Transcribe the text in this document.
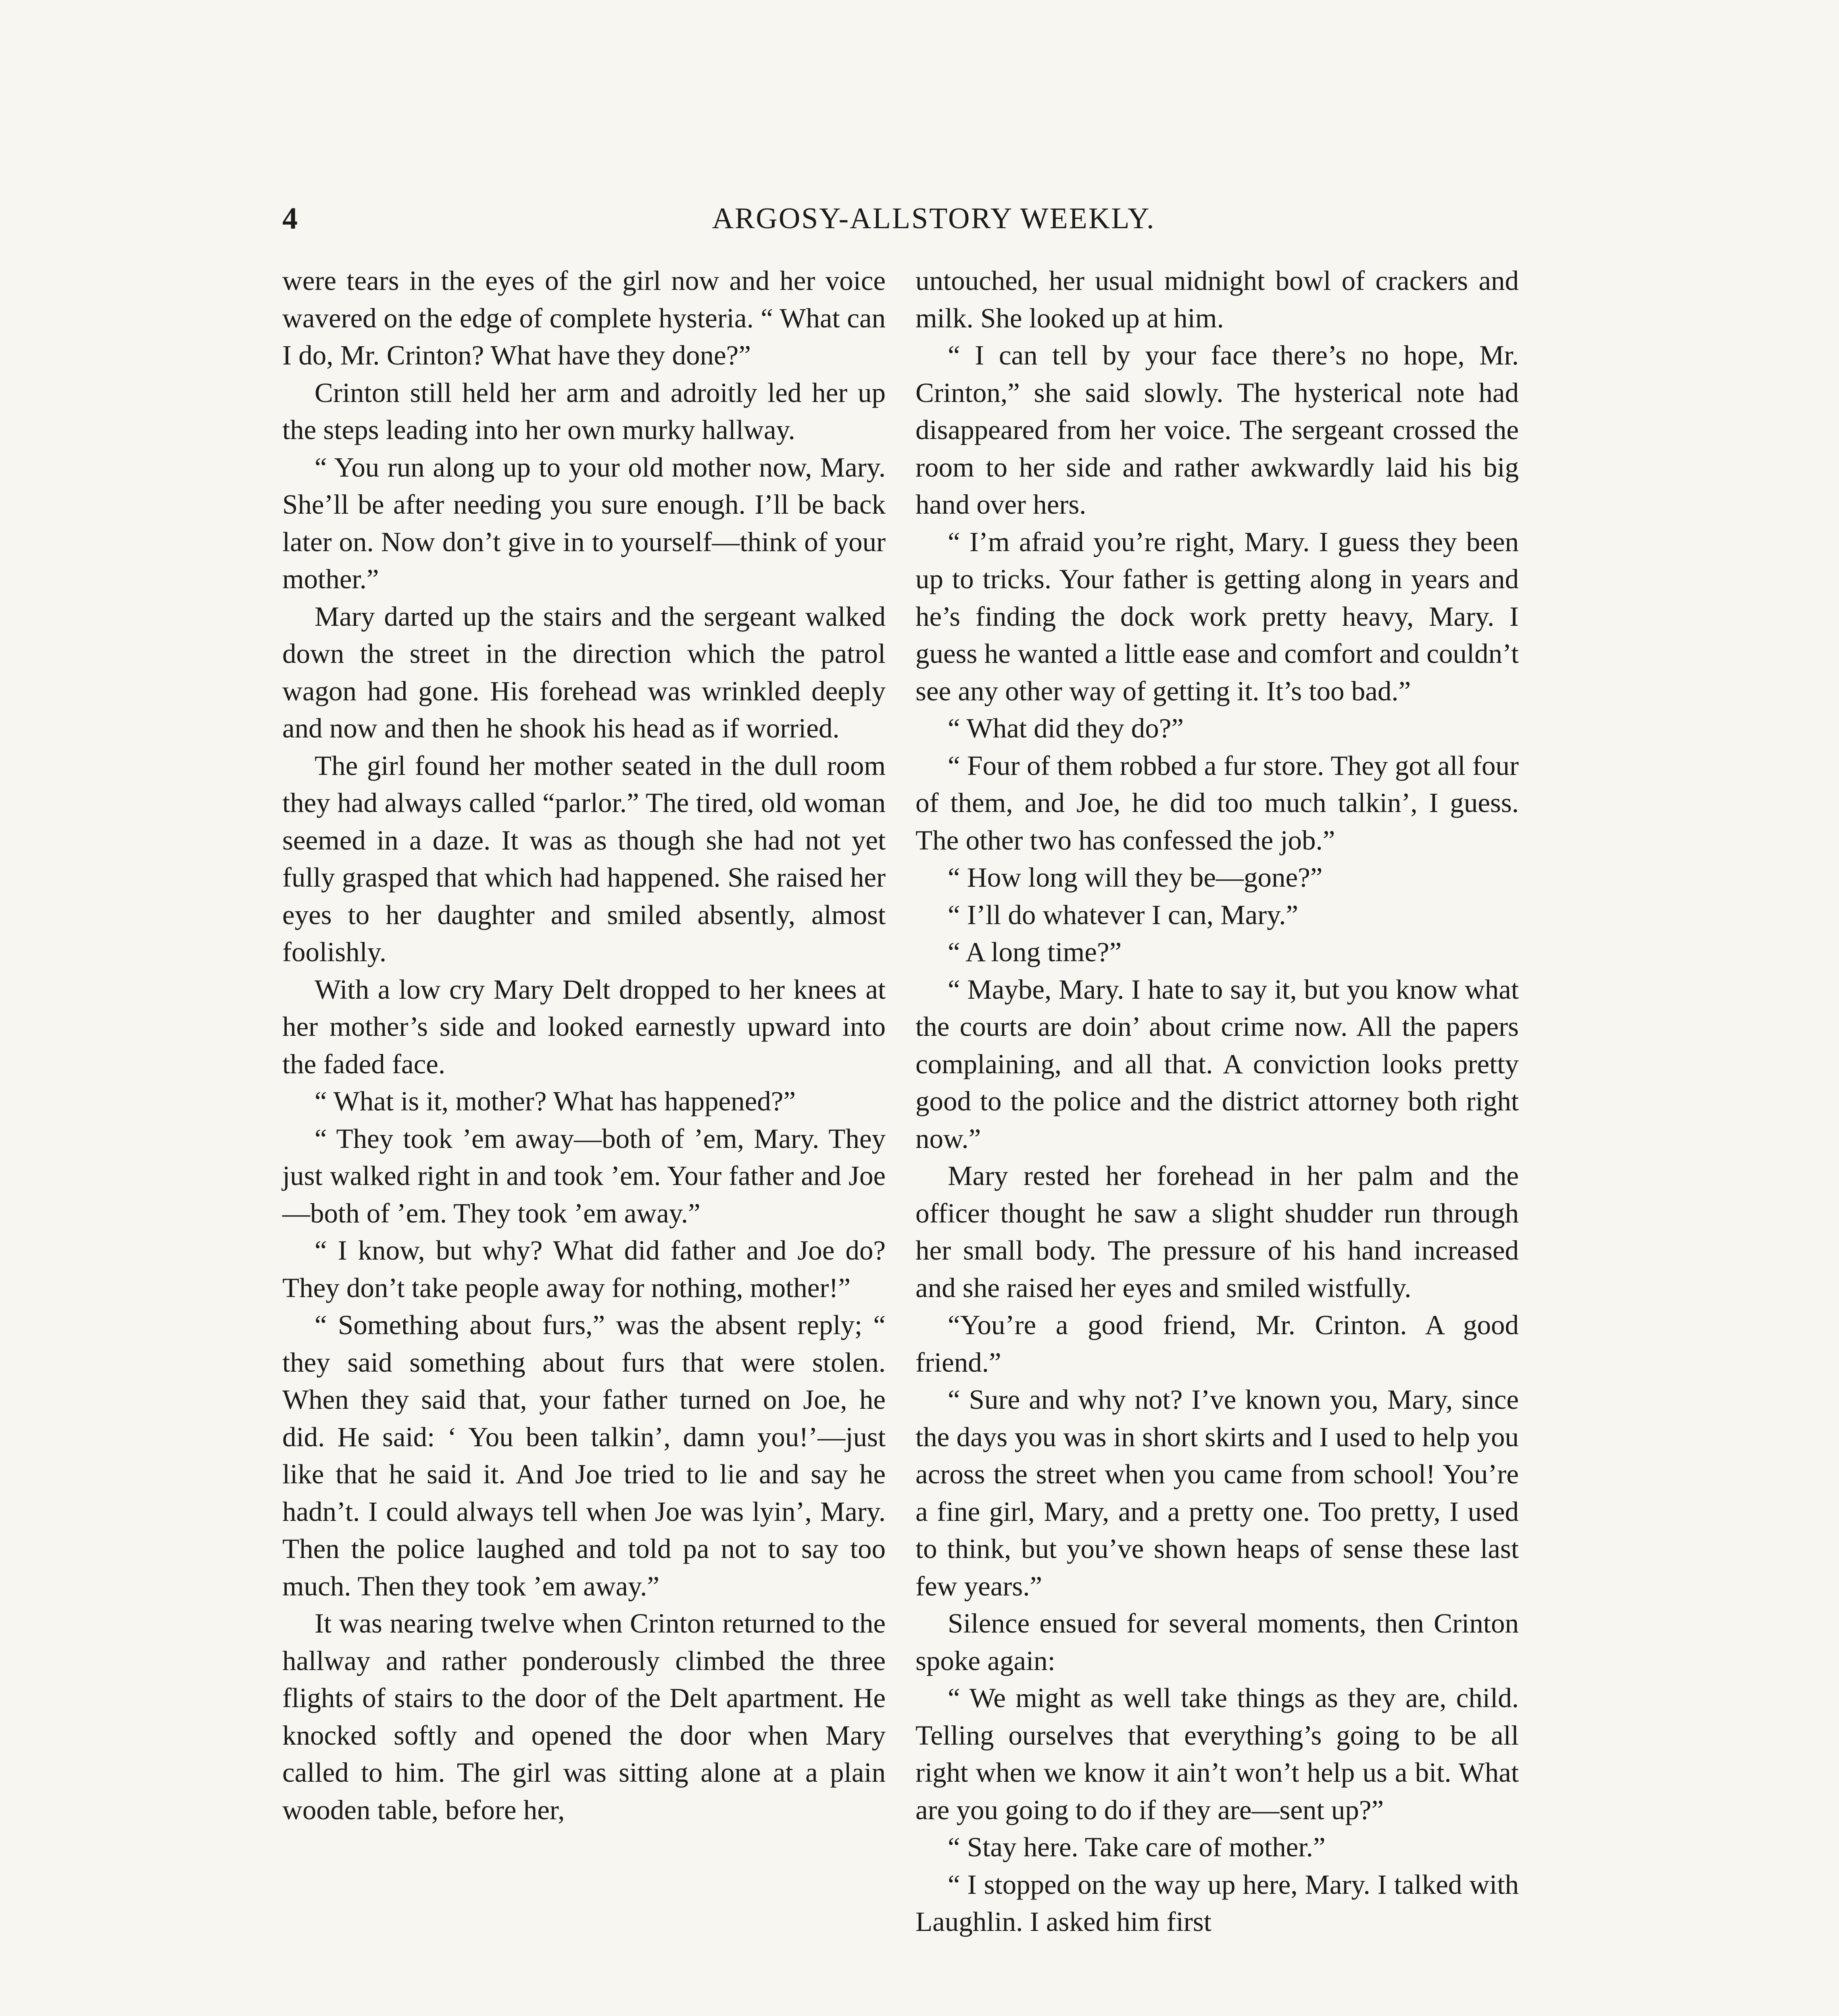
4	ARGOSY-ALLSTORY WEEKLY.

were tears in the eyes of the girl now and her voice wavered on the edge of complete hysteria. “ What can I do, Mr. Crinton? What have they done?”

Crinton still held her arm and adroitly led her up the steps leading into her own murky hallway.

“ You run along up to your old mother now, Mary. She’ll be after needing you sure enough. I’ll be back later on. Now don’t give in to yourself—think of your mother.”

Mary darted up the stairs and the sergeant walked down the street in the direction which the patrol wagon had gone. His forehead was wrinkled deeply and now and then he shook his head as if worried.

The girl found her mother seated in the dull room they had always called “parlor.” The tired, old woman seemed in a daze. It was as though she had not yet fully grasped that which had happened. She raised her eyes to her daughter and smiled absently, almost foolishly.

With a low cry Mary Delt dropped to her knees at her mother’s side and looked earnestly upward into the faded face.

“ What is it, mother? What has happened?”

“ They took ’em away—both of ’em, Mary. They just walked right in and took ’em. Your father and Joe—both of ’em. They took ’em away.”

“ I know, but why? What did father and Joe do? They don’t take people away for nothing, mother!”

“ Something about furs,” was the absent reply; “ they said something about furs that were stolen. When they said that, your father turned on Joe, he did. He said: ‘ You been talkin’, damn you!’—just like that he said it. And Joe tried to lie and say he hadn’t. I could always tell when Joe was lyin’, Mary. Then the police laughed and told pa not to say too much. Then they took ’em away.”

It was nearing twelve when Crinton returned to the hallway and rather ponderously climbed the three flights of stairs to the door of the Delt apartment. He knocked softly and opened the door when Mary called to him. The girl was sitting alone at a plain wooden table, before her,

untouched, her usual midnight bowl of crackers and milk. She looked up at him.

“ I can tell by your face there’s no hope, Mr. Crinton,” she said slowly. The hysterical note had disappeared from her voice. The sergeant crossed the room to her side and rather awkwardly laid his big hand over hers.

“ I’m afraid you’re right, Mary. I guess they been up to tricks. Your father is getting along in years and he’s finding the dock work pretty heavy, Mary. I guess he wanted a little ease and comfort and couldn’t see any other way of getting it. It’s too bad.”

“ What did they do?”

“ Four of them robbed a fur store. They got all four of them, and Joe, he did too much talkin’, I guess. The other two has confessed the job.”

“ How long will they be—gone?”

“ I’ll do whatever I can, Mary.”

“ A long time?”

“ Maybe, Mary. I hate to say it, but you know what the courts are doin’ about crime now. All the papers complaining, and all that. A conviction looks pretty good to the police and the district attorney both right now.”

Mary rested her forehead in her palm and the officer thought he saw a slight shudder run through her small body. The pressure of his hand increased and she raised her eyes and smiled wistfully.

“You’re a good friend, Mr. Crinton. A good friend.”

“ Sure and why not? I’ve known you, Mary, since the days you was in short skirts and I used to help you across the street when you came from school! You’re a fine girl, Mary, and a pretty one. Too pretty, I used to think, but you’ve shown heaps of sense these last few years.”

Silence ensued for several moments, then Crinton spoke again:

“ We might as well take things as they are, child. Telling ourselves that everything’s going to be all right when we know it ain’t won’t help us a bit. What are you going to do if they are—sent up?”

“ Stay here. Take care of mother.”

“ I stopped on the way up here, Mary. I talked with Laughlin. I asked him first
